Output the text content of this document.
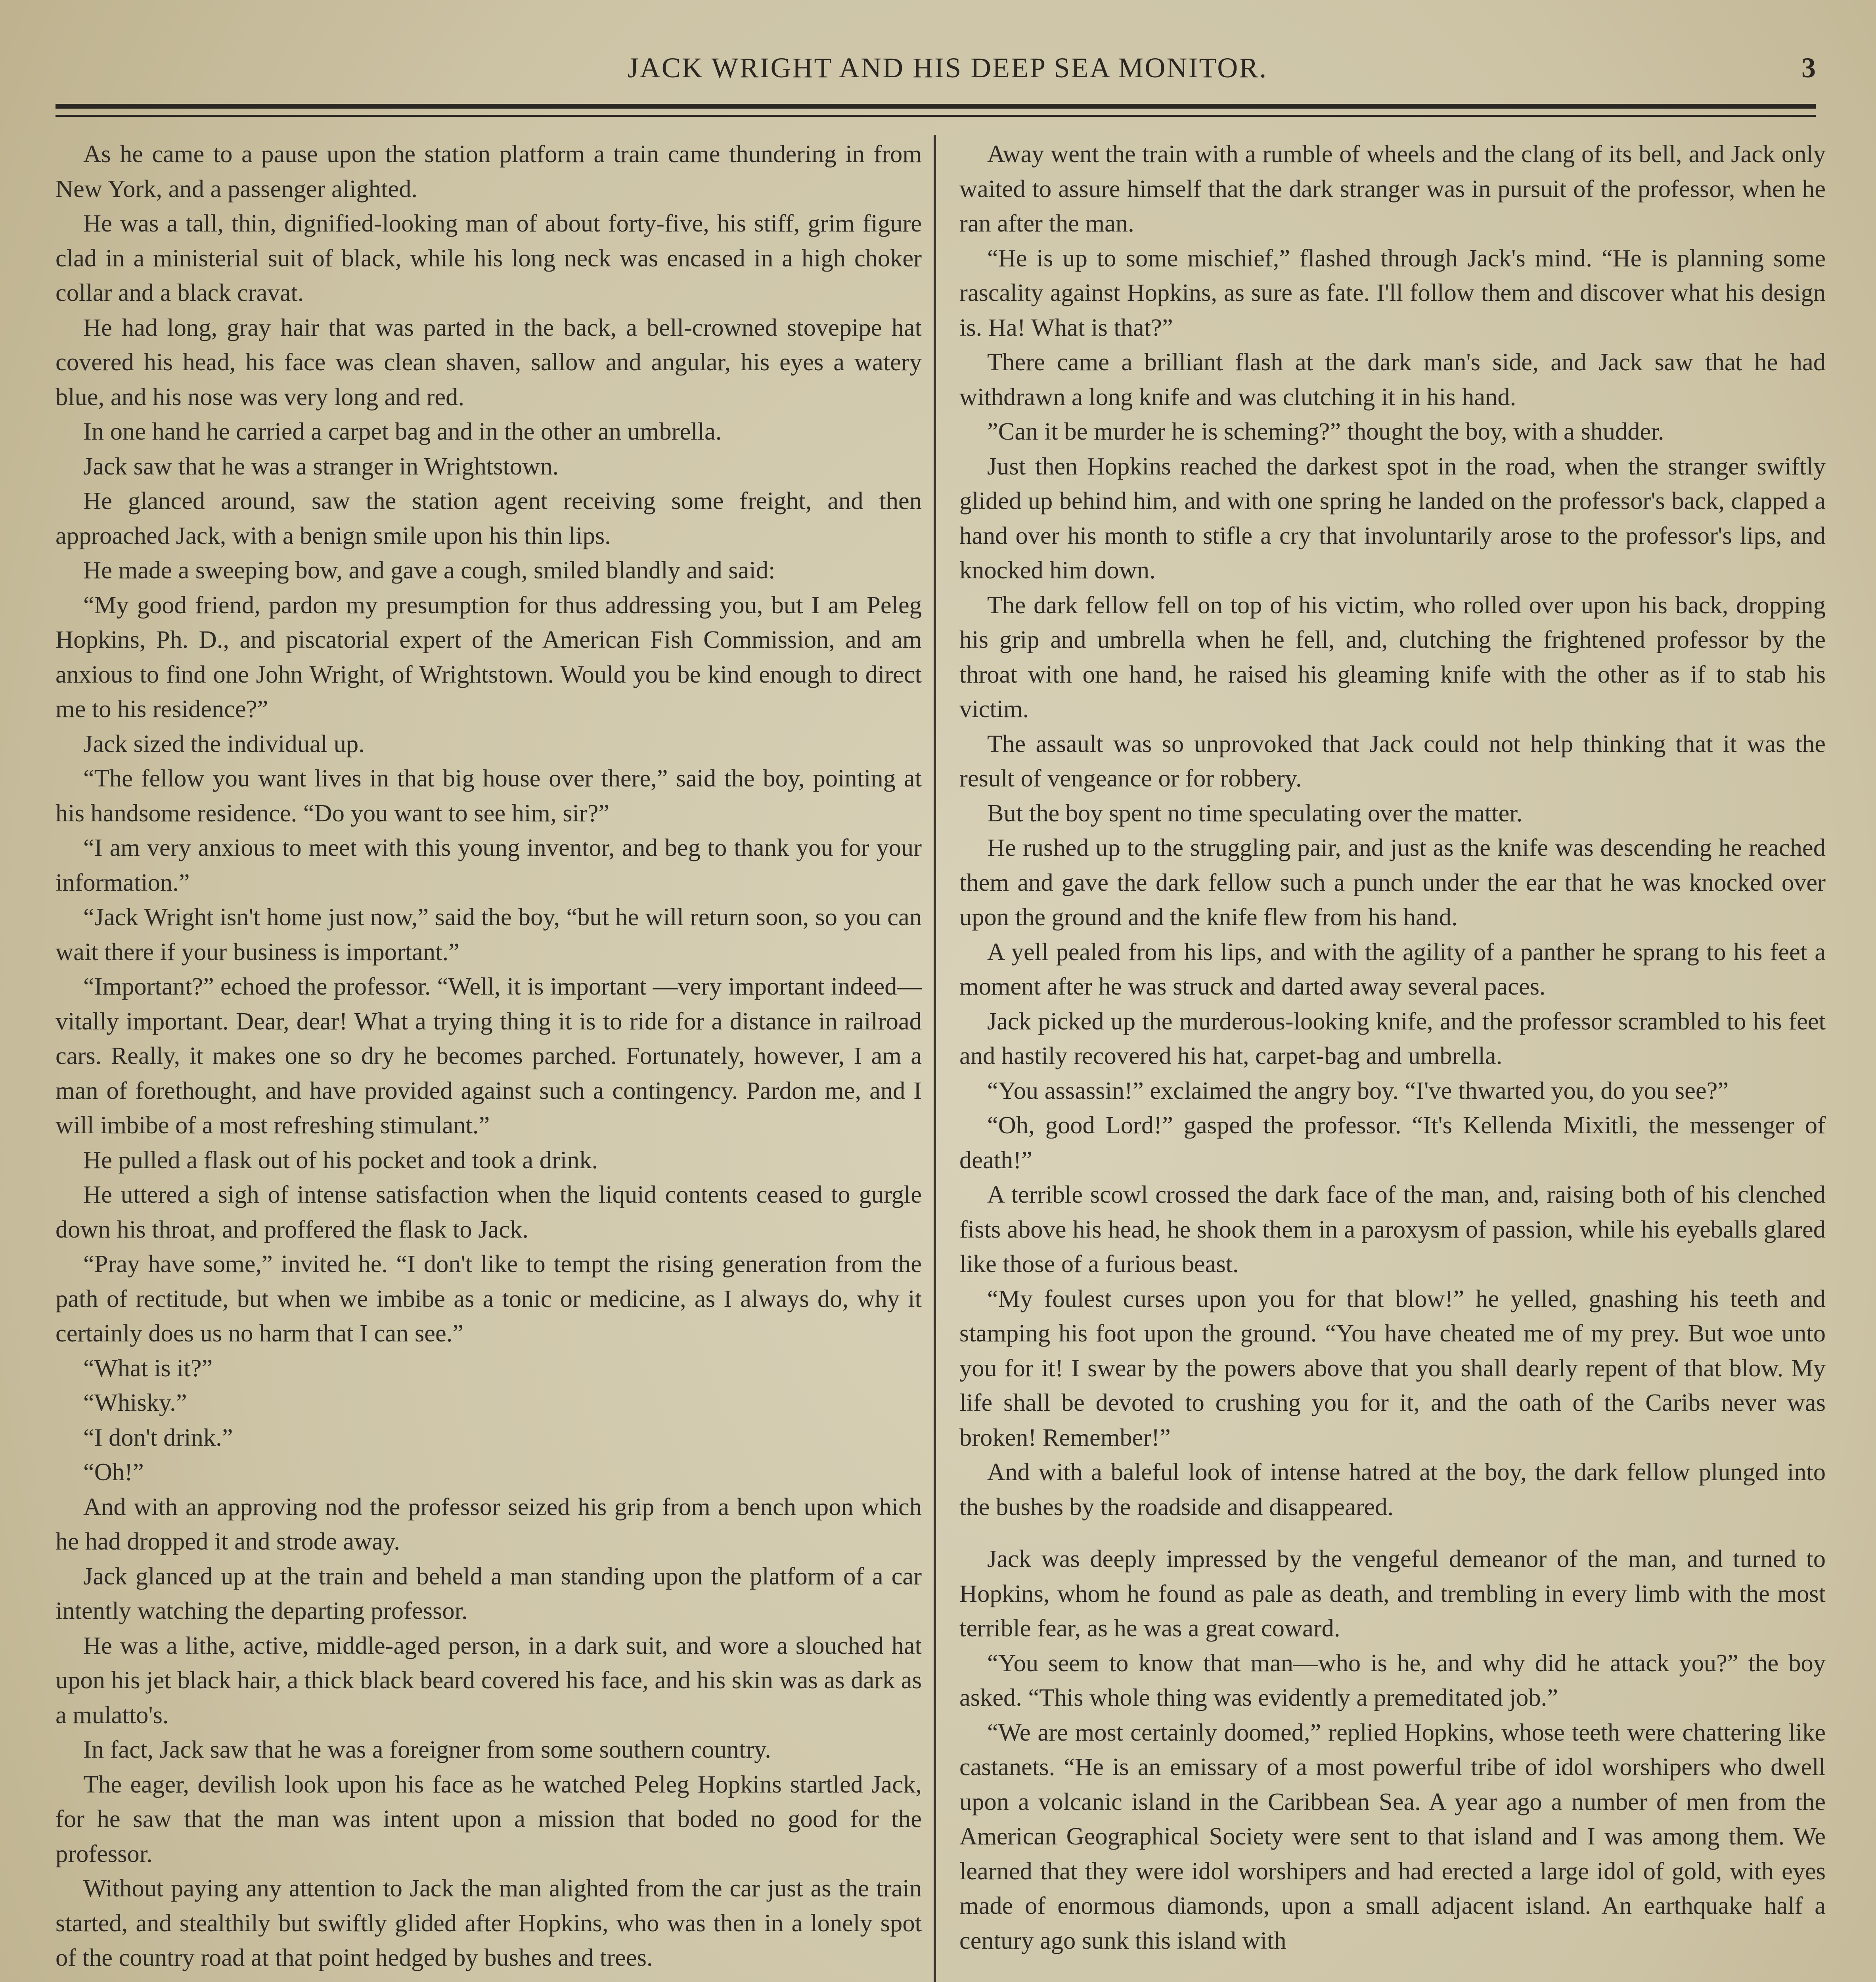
JACK WRIGHT AND HIS DEEP SEA MONITOR.	3

As he came to a pause upon the station platform a train came thundering in from New York, and a passenger alighted.

He was a tall, thin, dignified-looking man of about forty-five, his stiff, grim figure clad in a ministerial suit of black, while his long neck was encased in a high choker collar and a black cravat.

He had long, gray hair that was parted in the back, a bell-crowned stovepipe hat covered his head, his face was clean shaven, sallow and angular, his eyes a watery blue, and his nose was very long and red.

In one hand he carried a carpet bag and in the other an umbrella.

Jack saw that he was a stranger in Wrightstown.

He glanced around, saw the station agent receiving some freight, and then approached Jack, with a benign smile upon his thin lips.

He made a sweeping bow, and gave a cough, smiled blandly and said:

“My good friend, pardon my presumption for thus addressing you, but I am Peleg Hopkins, Ph. D., and piscatorial expert of the American Fish Commission, and am anxious to find one John Wright, of Wrightstown. Would you be kind enough to direct me to his residence?”

Jack sized the individual up.

“The fellow you want lives in that big house over there,” said the boy, pointing at his handsome residence. “Do you want to see him, sir?”

“I am very anxious to meet with this young inventor, and beg to thank you for your information.”

“Jack Wright isn't home just now,” said the boy, “but he will return soon, so you can wait there if your business is important.”

“Important?” echoed the professor. “Well, it is important —very important indeed—vitally important. Dear, dear! What a trying thing it is to ride for a distance in railroad cars. Really, it makes one so dry he becomes parched. Fortunately, however, I am a man of forethought, and have provided against such a contingency. Pardon me, and I will imbibe of a most refreshing stimulant.”

He pulled a flask out of his pocket and took a drink.

He uttered a sigh of intense satisfaction when the liquid contents ceased to gurgle down his throat, and proffered the flask to Jack.

“Pray have some,” invited he. “I don't like to tempt the rising generation from the path of rectitude, but when we imbibe as a tonic or medicine, as I always do, why it certainly does us no harm that I can see.”

“What is it?”

“Whisky.”

“I don't drink.”

“Oh!”

And with an approving nod the professor seized his grip from a bench upon which he had dropped it and strode away.

Jack glanced up at the train and beheld a man standing upon the platform of a car intently watching the departing professor.

He was a lithe, active, middle-aged person, in a dark suit, and wore a slouched hat upon his jet black hair, a thick black beard covered his face, and his skin was as dark as a mulatto's.

In fact, Jack saw that he was a foreigner from some southern country.

The eager, devilish look upon his face as he watched Peleg Hopkins startled Jack, for he saw that the man was intent upon a mission that boded no good for the professor.

Without paying any attention to Jack the man alighted from the car just as the train started, and stealthily but swiftly glided after Hopkins, who was then in a lonely spot of the country road at that point hedged by bushes and trees.

Away went the train with a rumble of wheels and the clang of its bell, and Jack only waited to assure himself that the dark stranger was in pursuit of the professor, when he ran after the man.

“He is up to some mischief,” flashed through Jack's mind. “He is planning some rascality against Hopkins, as sure as fate. I'll follow them and discover what his design is. Ha! What is that?”

There came a brilliant flash at the dark man's side, and Jack saw that he had withdrawn a long knife and was clutching it in his hand.

”Can it be murder he is scheming?” thought the boy, with a shudder.

Just then Hopkins reached the darkest spot in the road, when the stranger swiftly glided up behind him, and with one spring he landed on the professor's back, clapped a hand over his month to stifle a cry that involuntarily arose to the professor's lips, and knocked him down.

The dark fellow fell on top of his victim, who rolled over upon his back, dropping his grip and umbrella when he fell, and, clutching the frightened professor by the throat with one hand, he raised his gleaming knife with the other as if to stab his victim.

The assault was so unprovoked that Jack could not help thinking that it was the result of vengeance or for robbery.

But the boy spent no time speculating over the matter.

He rushed up to the struggling pair, and just as the knife was descending he reached them and gave the dark fellow such a punch under the ear that he was knocked over upon the ground and the knife flew from his hand.

A yell pealed from his lips, and with the agility of a panther he sprang to his feet a moment after he was struck and darted away several paces.

Jack picked up the murderous-looking knife, and the professor scrambled to his feet and hastily recovered his hat, carpet-bag and umbrella.

“You assassin!” exclaimed the angry boy. “I've thwarted you, do you see?”

“Oh, good Lord!” gasped the professor. “It's Kellenda Mixitli, the messenger of death!”

A terrible scowl crossed the dark face of the man, and, raising both of his clenched fists above his head, he shook them in a paroxysm of passion, while his eyeballs glared like those of a furious beast.

“My foulest curses upon you for that blow!” he yelled, gnashing his teeth and stamping his foot upon the ground. “You have cheated me of my prey. But woe unto you for it! I swear by the powers above that you shall dearly repent of that blow. My life shall be devoted to crushing you for it, and the oath of the Caribs never was broken! Remember!”

And with a baleful look of intense hatred at the boy, the dark fellow plunged into the bushes by the roadside and disappeared.

Jack was deeply impressed by the vengeful demeanor of the man, and turned to Hopkins, whom he found as pale as death, and trembling in every limb with the most terrible fear, as he was a great coward.

“You seem to know that man—who is he, and why did he attack you?” the boy asked. “This whole thing was evidently a premeditated job.”

“We are most certainly doomed,” replied Hopkins, whose teeth were chattering like castanets. “He is an emissary of a most powerful tribe of idol worshipers who dwell upon a volcanic island in the Caribbean Sea. A year ago a number of men from the American Geographical Society were sent to that island and I was among them. We learned that they were idol worshipers and had erected a large idol of gold, with eyes made of enormous diamonds, upon a small adjacent island. An earthquake half a century ago sunk this island with
